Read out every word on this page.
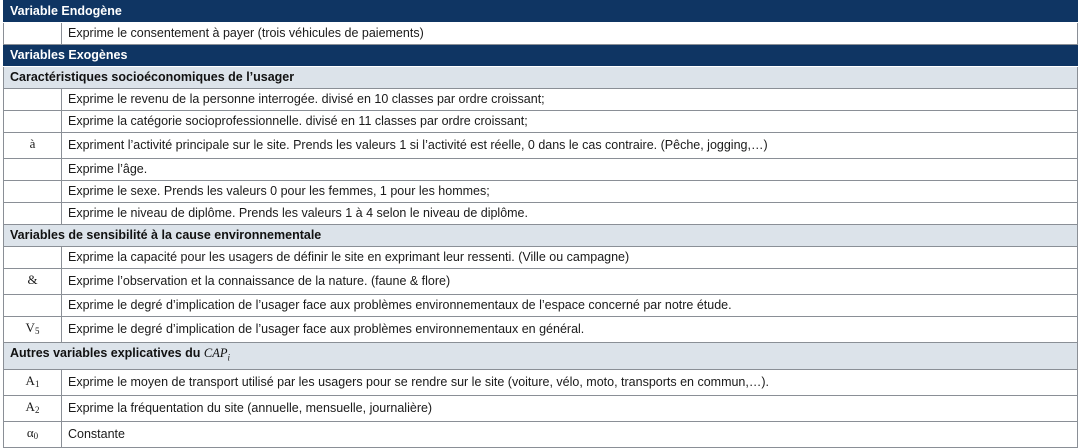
Variable Endogène	
	Exprime le consentement à payer (trois véhicules de paiements)
Variables Exogènes	
Caractéristiques socioéconomiques de l’usager	
	Exprime le revenu de la personne interrogée. divisé en 10 classes par ordre croissant;
	Exprime la catégorie socioprofessionnelle. divisé en 11 classes par ordre croissant;
à	Expriment l’activité principale sur le site. Prends les valeurs 1 si l’activité est réelle, 0 dans le cas contraire. (Pêche, jogging,…)
	Exprime l’âge.
	Exprime le sexe. Prends les valeurs 0 pour les femmes, 1 pour les hommes;
	Exprime le niveau de diplôme. Prends les valeurs 1 à 4 selon le niveau de diplôme.
Variables de sensibilité à la cause environnementale	
	Exprime la capacité pour les usagers de définir le site en exprimant leur ressenti. (Ville ou campagne)
&	Exprime l’observation et la connaissance de la nature. (faune & flore)
	Exprime le degré d’implication de l’usager face aux problèmes environnementaux de l’espace concerné par notre étude.
$V_5$	Exprime le degré d’implication de l’usager face aux problèmes environnementaux en général.
Autres variables explicatives du $CAP_i$
$A_1$	Exprime le moyen de transport utilisé par les usagers pour se rendre sur le site (voiture, vélo, moto, transports en commun,…).
$A_2$	Exprime la fréquentation du site (annuelle, mensuelle, journalière)
$\alpha_0$	Constante
